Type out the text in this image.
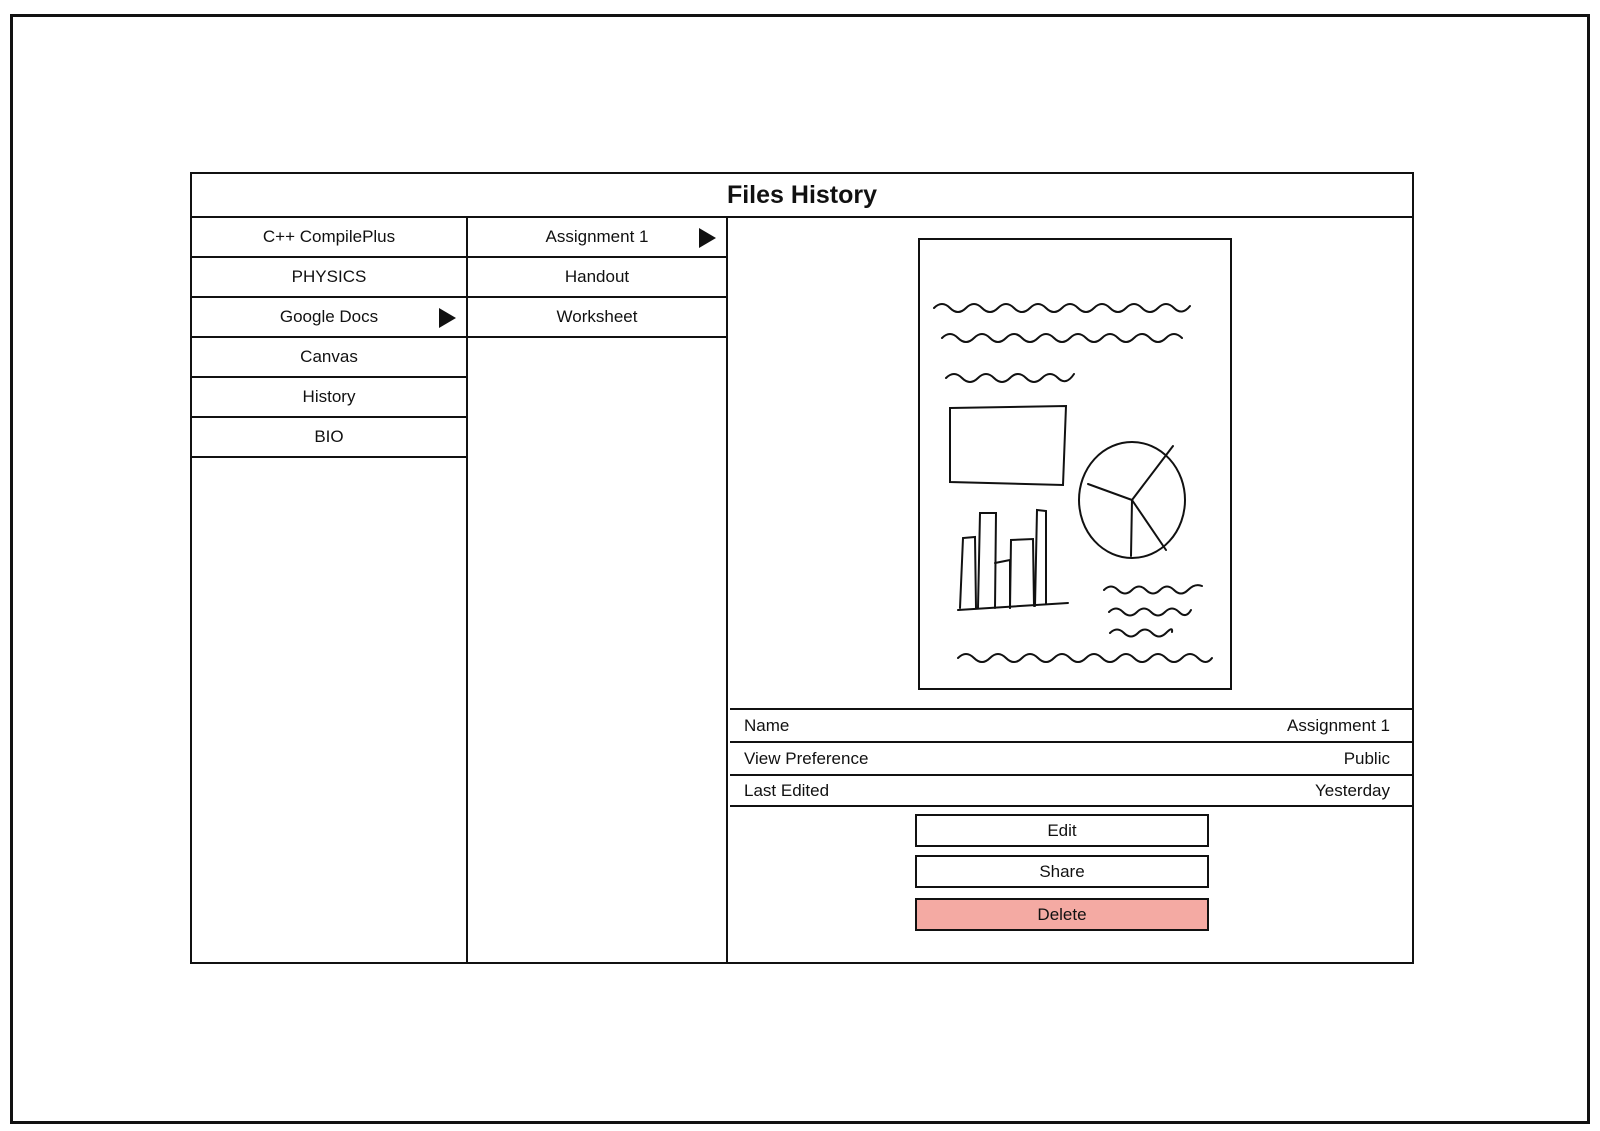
Files History
C++ CompilePlus
PHYSICS
Google Docs
Canvas
History
BIO
Assignment 1
Handout
Worksheet
Name	Assignment 1
View Preference	Public
Last Edited	Yesterday
Edit
Share
Delete
